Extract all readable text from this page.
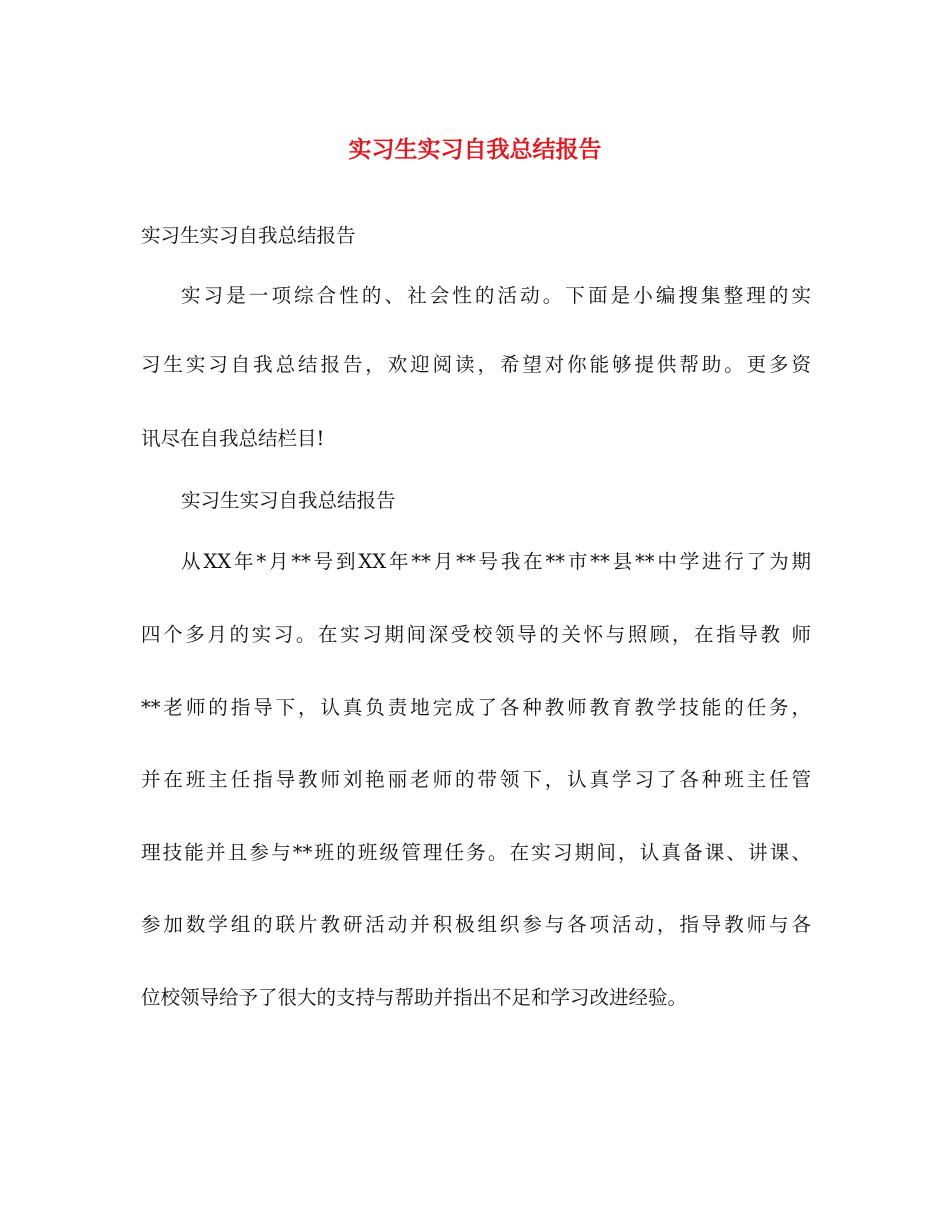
实习生实习自我总结报告

实习生实习自我总结报告

实习是一项综合性的、社会性的活动。下面是小编搜集整理的实

习生实习自我总结报告，欢迎阅读，希望对你能够提供帮助。更多资

讯尽在自我总结栏目!

实习生实习自我总结报告

从XX年*月**号到XX年**月**号我在**市**县**中学进行了为期

四个多月的实习。在实习期间深受校领导的关怀与照顾，在指导教 师

**老师的指导下，认真负责地完成了各种教师教育教学技能的任务，

并在班主任指导教师刘艳丽老师的带领下，认真学习了各种班主任管

理技能并且参与**班的班级管理任务。在实习期间，认真备课、讲课、

参加数学组的联片教研活动并积极组织参与各项活动，指导教师与各

位校领导给予了很大的支持与帮助并指出不足和学习改进经验。
